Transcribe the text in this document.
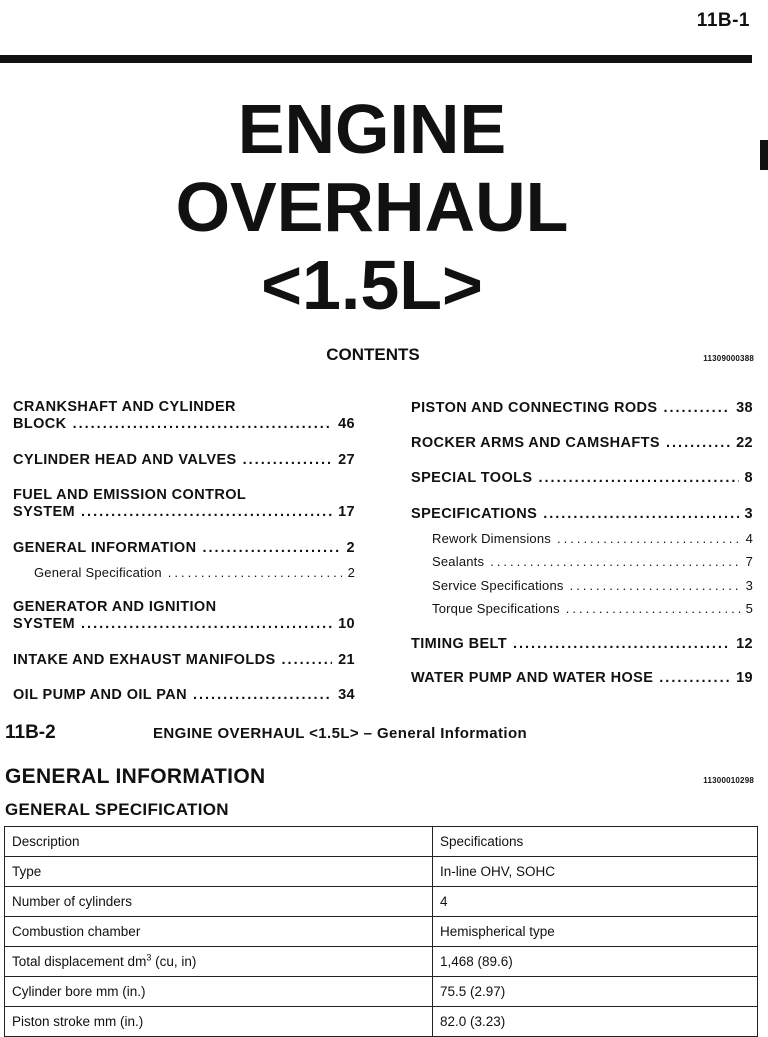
11B-1
ENGINE
OVERHAUL
<1.5L>
CONTENTS	11309000388
CRANKSHAFT AND CYLINDER
BLOCK .....	46
CYLINDER HEAD AND VALVES .....	27
FUEL AND EMISSION CONTROL
SYSTEM .....	17
GENERAL INFORMATION .....	2
General Specification .....	2
GENERATOR AND IGNITION
SYSTEM .....	10
INTAKE AND EXHAUST MANIFOLDS .....	21
OIL PUMP AND OIL PAN .....	34
PISTON AND CONNECTING RODS .....	38
ROCKER ARMS AND CAMSHAFTS .....	22
SPECIAL TOOLS .....	8
SPECIFICATIONS .....	3
Rework Dimensions .....	4
Sealants .....	7
Service Specifications .....	3
Torque Specifications .....	5
TIMING BELT .....	12
WATER PUMP AND WATER HOSE .....	19
11B-2	ENGINE OVERHAUL <1.5L> – General Information
GENERAL INFORMATION	11300010298
GENERAL SPECIFICATION
Description	Specifications
Type	In-line OHV, SOHC
Number of cylinders	4
Combustion chamber	Hemispherical type
Total displacement $dm^3$ (cu, in)	1,468 (89.6)
Cylinder bore mm (in.)	75.5 (2.97)
Piston stroke mm (in.)	82.0 (3.23)
